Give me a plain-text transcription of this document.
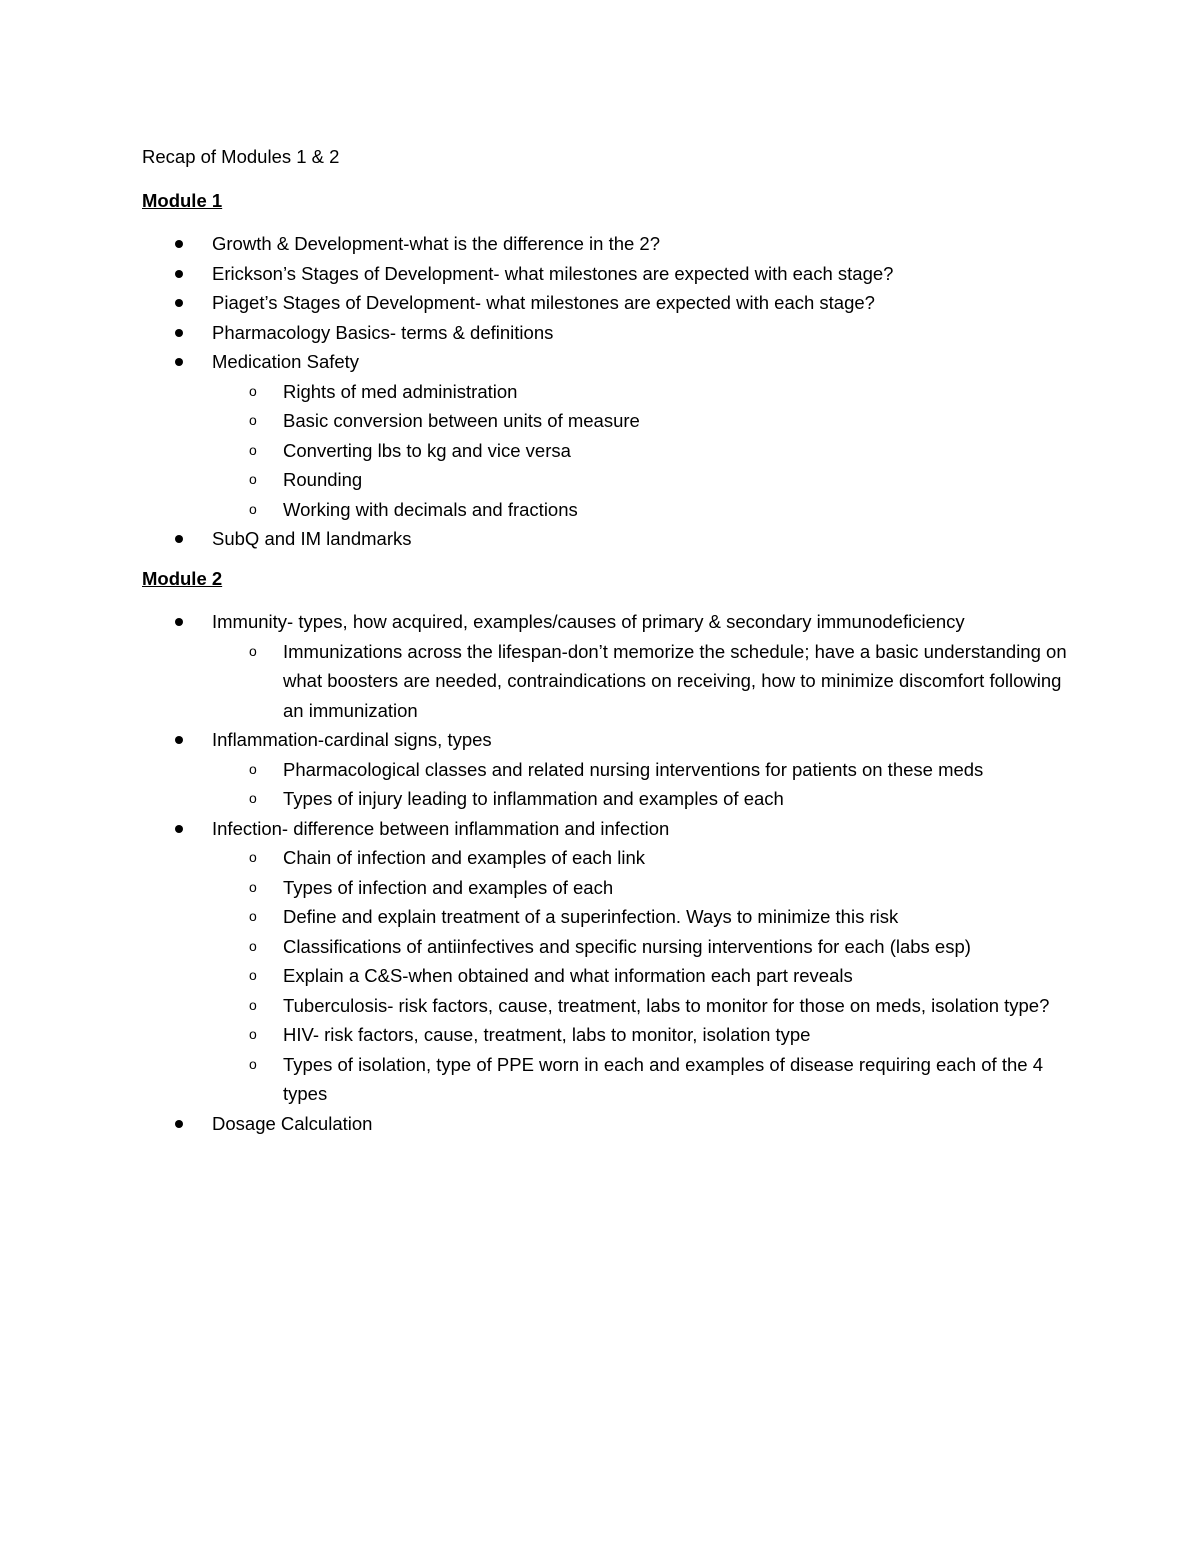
Recap of Modules 1 & 2
Module 1
Growth & Development-what is the difference in the 2?
Erickson’s Stages of Development- what milestones are expected with each stage?
Piaget’s Stages of Development- what milestones are expected with each stage?
Pharmacology Basics- terms & definitions
Medication Safety
o Rights of med administration
o Basic conversion between units of measure
o Converting lbs to kg and vice versa
o Rounding
o Working with decimals and fractions
SubQ and IM landmarks
Module 2
Immunity- types, how acquired, examples/causes of primary & secondary immunodeficiency
o Immunizations across the lifespan-don’t memorize the schedule; have a basic understanding on what boosters are needed, contraindications on receiving, how to minimize discomfort following an immunization
Inflammation-cardinal signs, types
o Pharmacological classes and related nursing interventions for patients on these meds
o Types of injury leading to inflammation and examples of each
Infection- difference between inflammation and infection
o Chain of infection and examples of each link
o Types of infection and examples of each
o Define and explain treatment of a superinfection. Ways to minimize this risk
o Classifications of antiinfectives and specific nursing interventions for each (labs esp)
o Explain a C&S-when obtained and what information each part reveals
o Tuberculosis- risk factors, cause, treatment, labs to monitor for those on meds, isolation type?
o HIV- risk factors, cause, treatment, labs to monitor, isolation type
o Types of isolation, type of PPE worn in each and examples of disease requiring each of the 4 types
Dosage Calculation
